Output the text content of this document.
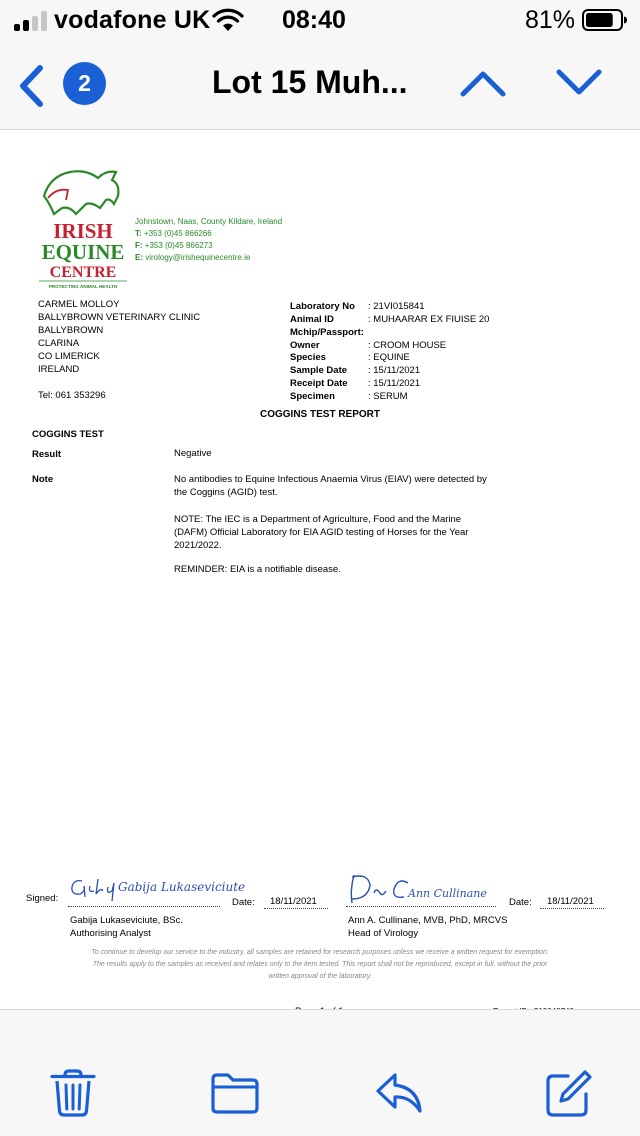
vodafone UK	08:40	81%
2	Lot 15 Muh...
IRISH
EQUINE
CENTRE
PROTECTING ANIMAL HEALTH
Johnstown, Naas, County Kildare, Ireland
T: +353 (0)45 866266
F: +353 (0)45 866273
E: virology@irishequinecentre.ie
CARMEL MOLLOY
BALLYBROWN VETERINARY CLINIC
BALLYBROWN
CLARINA
CO LIMERICK
IRELAND
Tel: 061 353296
Laboratory No : 21VI015841
Animal ID	: MUHAARAR EX FIUISE 20
Mchip/Passport:
Owner	: CROOM HOUSE
Species	: EQUINE
Sample Date : 15/11/2021
Receipt Date : 15/11/2021
Specimen	: SERUM
COGGINS TEST REPORT
COGGINS TEST
Result	Negative
Note	No antibodies to Equine Infectious Anaemia Virus (EIAV) were detected by
the Coggins (AGID) test.
NOTE: The IEC is a Department of Agriculture, Food and the Marine
(DAFM) Official Laboratory for EIA AGID testing of Horses for the Year
2021/2022.
REMINDER: EIA is a notifiable disease.
Signed:
Gabija Lukaseviciute
Date: 18/11/2021
Gabija Lukaseviciute, BSc.
Authorising Analyst
Ann Cullinane
Date: 18/11/2021
Ann A. Cullinane, MVB, PhD, MRCVS
Head of Virology
To continue to develop our service to the industry, all samples are retained for research purposes unless we receive a written request for exemption.
The results apply to the samples as received and relates only to the item tested. This report shall not be reproduced, except in full, without the prior
written approval of the laboratory.
